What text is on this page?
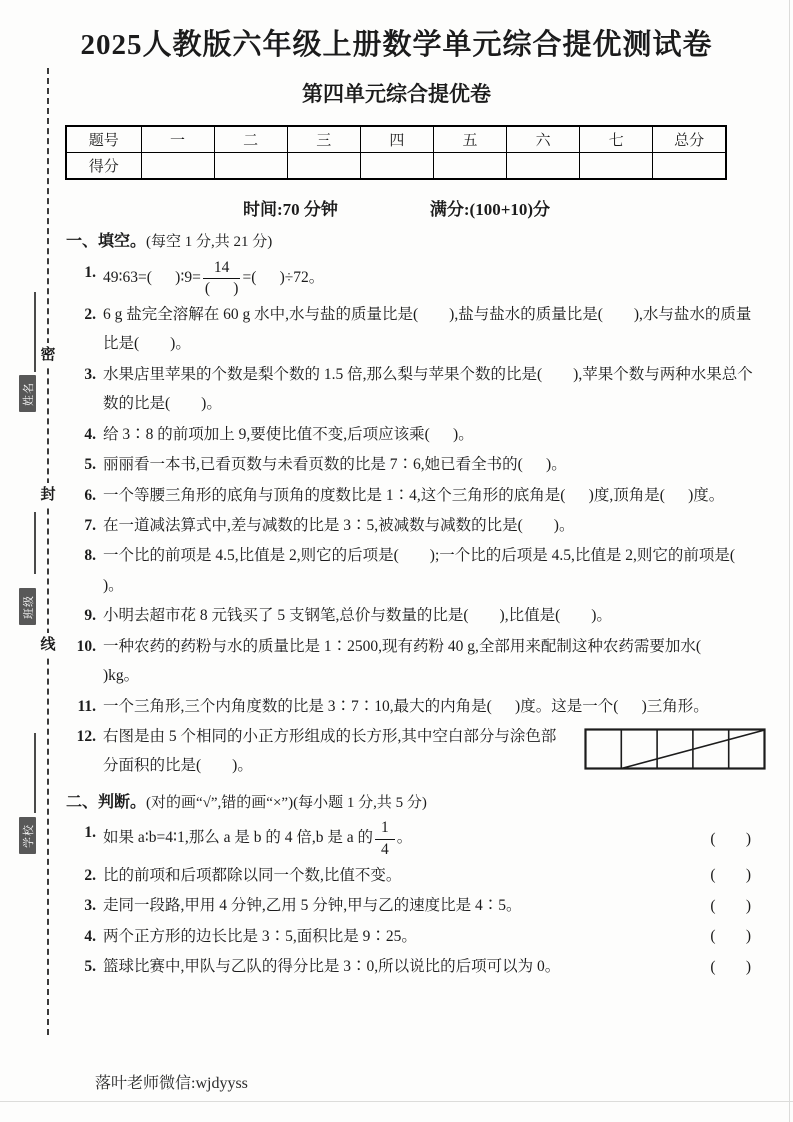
密
封
线
姓名
班级
学校
2025人教版六年级上册数学单元综合提优测试卷
第四单元综合提优卷
题号	一	二	三	四	五	六	七	总分
得分								
时间:70 分钟	满分:(100+10)分
一、填空。(每空 1 分,共 21 分)
1. 49∶63=(      )∶9= $\frac{14}{( )}$ =(      )÷72。
2. 6 g 盐完全溶解在 60 g 水中,水与盐的质量比是(        ),盐与盐水的质量比是(        ),水与盐水的质量比是(        )。
3. 水果店里苹果的个数是梨个数的 1.5 倍,那么梨与苹果个数的比是(        ),苹果个数与两种水果总个数的比是(        )。
4. 给 3∶8 的前项加上 9,要使比值不变,后项应该乘(      )。
5. 丽丽看一本书,已看页数与未看页数的比是 7∶6,她已看全书的(      )。
6. 一个等腰三角形的底角与顶角的度数比是 1∶4,这个三角形的底角是(      )度,顶角是(      )度。
7. 在一道减法算式中,差与减数的比是 3∶5,被减数与减数的比是(        )。
8. 一个比的前项是 4.5,比值是 2,则它的后项是(        );一个比的后项是 4.5,比值是 2,则它的前项是(      )。
9. 小明去超市花 8 元钱买了 5 支钢笔,总价与数量的比是(        ),比值是(        )。
10. 一种农药的药粉与水的质量比是 1∶2500,现有药粉 40 g,全部用来配制这种农药需要加水(        )kg。
11. 一个三角形,三个内角度数的比是 3∶7∶10,最大的内角是(      )度。这是一个(      )三角形。
12. 右图是由 5 个相同的小正方形组成的长方形,其中空白部分与涂色部分面积的比是(        )。
二、判断。(对的画“√”,错的画“×”)(每小题 1 分,共 5 分)
1. 如果 a∶b=4∶1,那么 a 是 b 的 4 倍,b 是 a 的 $\frac{1}{4}$ 。	(      )
2. 比的前项和后项都除以同一个数,比值不变。	(      )
3. 走同一段路,甲用 4 分钟,乙用 5 分钟,甲与乙的速度比是 4∶5。	(      )
4. 两个正方形的边长比是 3∶5,面积比是 9∶25。	(      )
5. 篮球比赛中,甲队与乙队的得分比是 3∶0,所以说比的后项可以为 0。	(      )
落叶老师微信:wjdyyss
